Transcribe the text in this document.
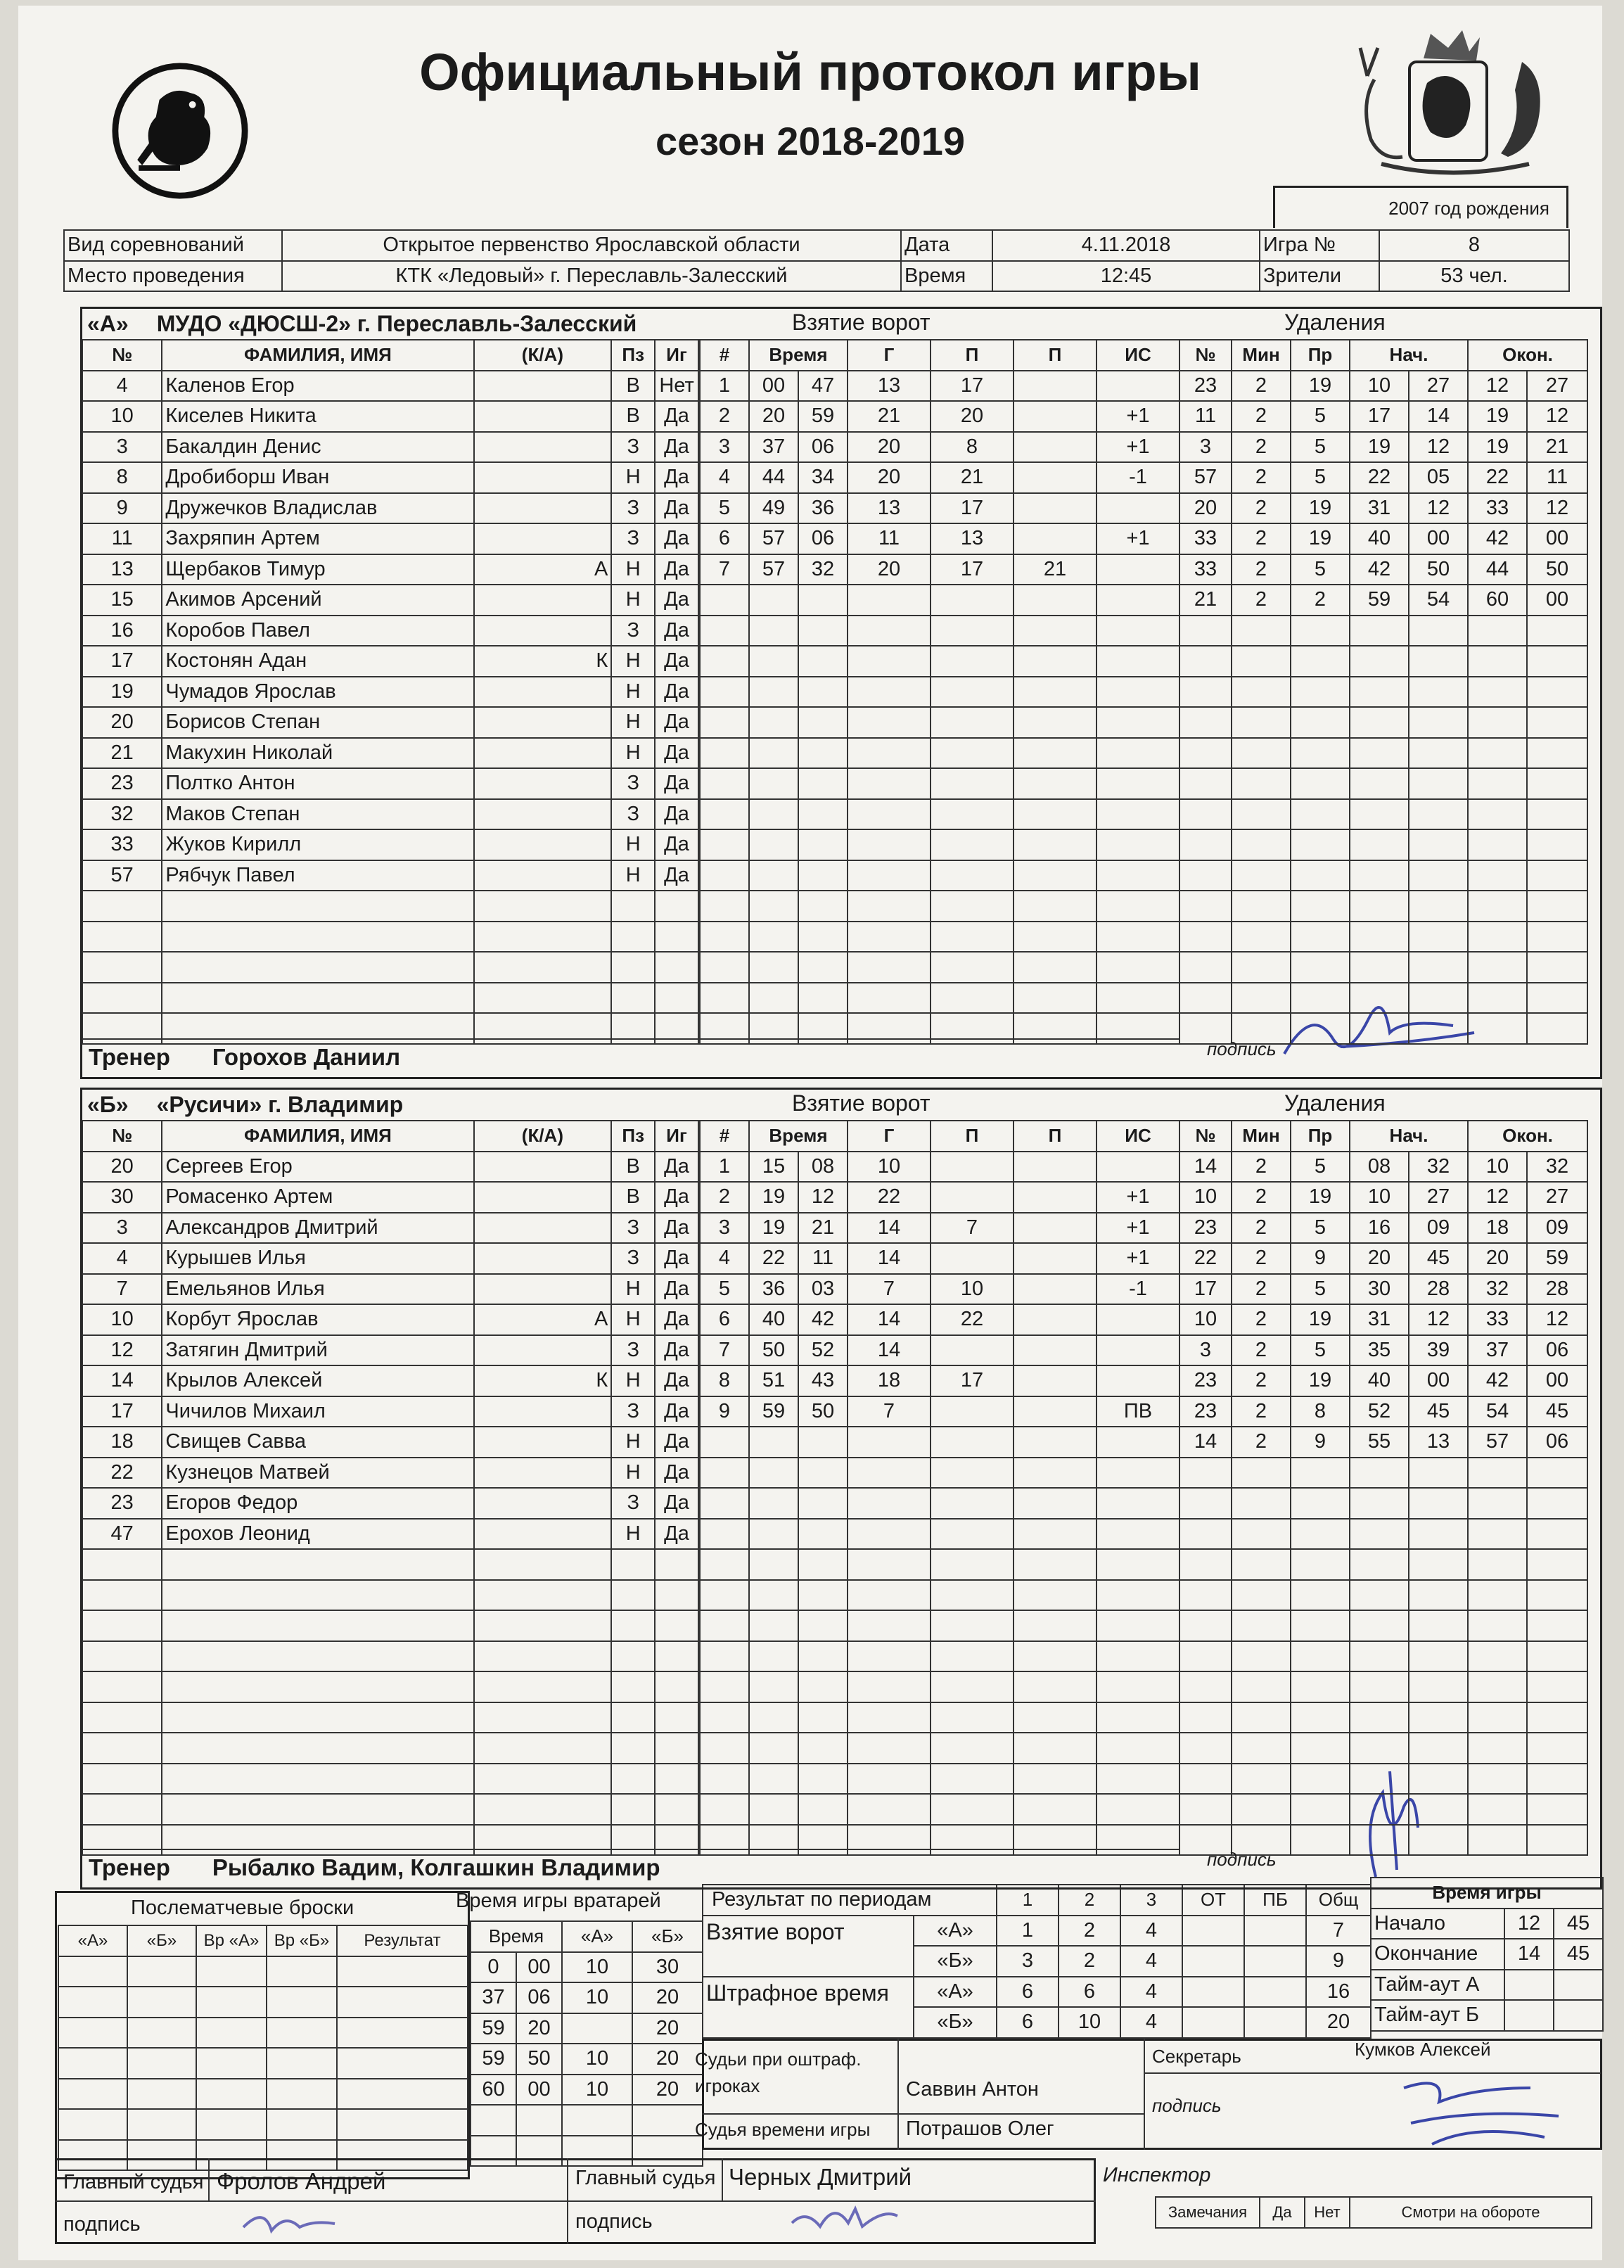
Официальный протокол игры
сезон 2018-2019
2007 год рождения
Вид соревнований	Открытое первенство Ярославской области	Дата	4.11.2018	Игра №	8
Место проведения	КТК «Ледовый» г. Переславль-Залесский	Время	12:45	Зрители	53 чел.
Послематчевые броски
«А»	«Б»	Вр «А»	Вр «Б»	Результат

Время игры вратарей
Время		«А»	«Б»
0	00	10	30
37	06	10	20
59	20		20
59	50	10	20
60	00	10	20

Результат по периодам
		1	2	3	ОТ	ПБ	Общ
Взятие ворот	«А»	1	2	4			7
	«Б»	3	2	4			9
Штрафное время	«А»	6	6	4			16
	«Б»	6	10	4			20
Время игры		
Начало	12	45
Окончание	14	45
Тайм-аут А		
Тайм-аут Б		
Судьи при оштраф. игроках	Саввин Антон
Судья времени игры Потрашов Олег
Секретарь	Кумков Алексей
подпись
Главный судья Фролов Андрей
подпись
Главный судья Черных Дмитрий
подпись
Инспектор
Замечания	Да	Нет	Смотри на обороте
«А» МУДО «ДЮСШ-2» г. Переславль-Залесский	Взятие ворот	Удаления
№	ФАМИЛИЯ, ИМЯ	(К/А)	Пз	Иг
4	Каленов Егор		В	Нет
10	Киселев Никита		В	Да
3	Бакалдин Денис		З	Да
8	Дробиборш Иван		Н	Да
9	Дружечков Владислав		З	Да
11	Захряпин Артем		З	Да
13	Щербаков Тимур	А	Н	Да
15	Акимов Арсений		Н	Да
16	Коробов Павел		З	Да
17	Костонян Адан	К	Н	Да
19	Чумадов Ярослав		Н	Да
20	Борисов Степан		Н	Да
21	Макухин Николай		Н	Да
23	Полтко Антон		З	Да
32	Маков Степан		З	Да
33	Жуков Кирилл		Н	Да
57	Рябчук Павел		Н	Да

#	Время		Г	П	П	ИС
1	00	47	13	17		
2	20	59	21	20		+1
3	37	06	20	8		+1
4	44	34	20	21		-1
5	49	36	13	17		
6	57	06	11	13		+1
7	57	32	20	17	21	

№	Мин	Пр	Нач.		Окон.	
23	2	19	10	27	12	27
11	2	5	17	14	19	12
3	2	5	19	12	19	21
57	2	5	22	05	22	11
20	2	19	31	12	33	12
33	2	19	40	00	42	00
33	2	5	42	50	44	50
21	2	2	59	54	60	00

Тренер Горохов Даниил	подпись
«Б» «Русичи» г. Владимир	Взятие ворот	Удаления
№	ФАМИЛИЯ, ИМЯ	(К/А)	Пз	Иг
20	Сергеев Егор		В	Да
30	Ромасенко Артем		В	Да
3	Александров Дмитрий		З	Да
4	Курышев Илья		З	Да
7	Емельянов Илья		Н	Да
10	Корбут Ярослав	А	Н	Да
12	Затягин Дмитрий		З	Да
14	Крылов Алексей	К	Н	Да
17	Чичилов Михаил		З	Да
18	Свищев Савва		Н	Да
22	Кузнецов Матвей		Н	Да
23	Егоров Федор		З	Да
47	Ерохов Леонид		Н	Да

#	Время		Г	П	П	ИС
1	15	08	10			
2	19	12	22			+1
3	19	21	14	7		+1
4	22	11	14			+1
5	36	03	7	10		-1
6	40	42	14	22		
7	50	52	14			
8	51	43	18	17		
9	59	50	7			ПВ

№	Мин	Пр	Нач.		Окон.	
14	2	5	08	32	10	32
10	2	19	10	27	12	27
23	2	5	16	09	18	09
22	2	9	20	45	20	59
17	2	5	30	28	32	28
10	2	19	31	12	33	12
3	2	5	35	39	37	06
23	2	19	40	00	42	00
23	2	8	52	45	54	45
14	2	9	55	13	57	06

Тренер Рыбалко Вадим, Колгашкин Владимир	подпись
